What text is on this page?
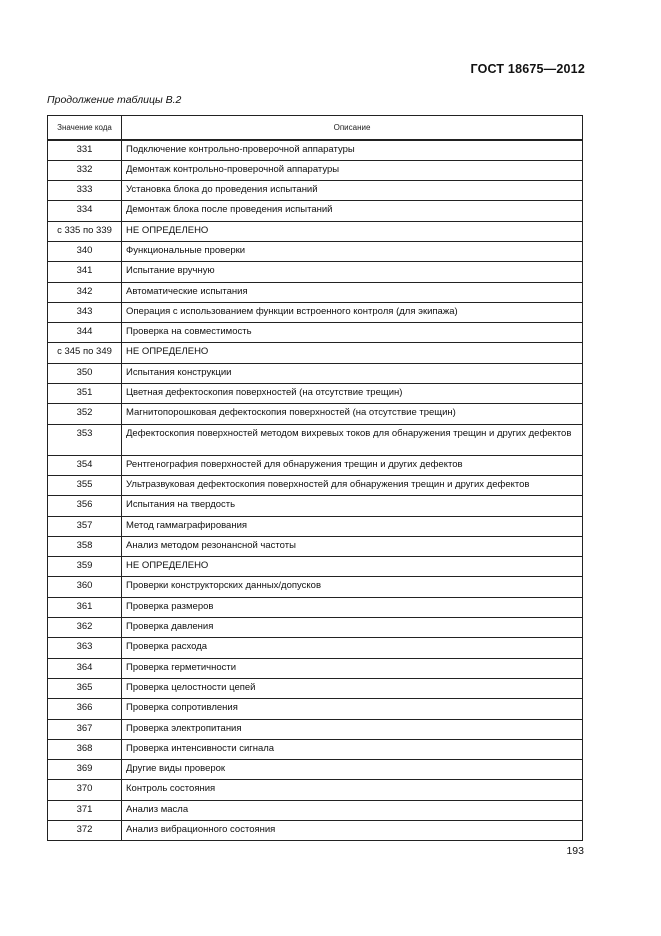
ГОСТ 18675—2012
Продолжение таблицы В.2
Значение кода	Описание
331	Подключение контрольно-проверочной аппаратуры
332	Демонтаж контрольно-проверочной аппаратуры
333	Установка блока до проведения испытаний
334	Демонтаж блока после проведения испытаний
с 335 по 339	НЕ ОПРЕДЕЛЕНО
340	Функциональные проверки
341	Испытание вручную
342	Автоматические испытания
343	Операция с использованием функции встроенного контроля (для экипажа)
344	Проверка на совместимость
с 345 по 349	НЕ ОПРЕДЕЛЕНО
350	Испытания конструкции
351	Цветная дефектоскопия поверхностей (на отсутствие трещин)
352	Магнитопорошковая дефектоскопия поверхностей (на отсутствие трещин)
353	Дефектоскопия поверхностей методом вихревых токов для обнаружения трещин и других дефектов
354	Рентгенография поверхностей для обнаружения трещин и других дефектов
355	Ультразвуковая дефектоскопия поверхностей для обнаружения трещин и других дефектов
356	Испытания на твердость
357	Метод гаммаграфирования
358	Анализ методом резонансной частоты
359	НЕ ОПРЕДЕЛЕНО
360	Проверки конструкторских данных/допусков
361	Проверка размеров
362	Проверка давления
363	Проверка расхода
364	Проверка герметичности
365	Проверка целостности цепей
366	Проверка сопротивления
367	Проверка электропитания
368	Проверка интенсивности сигнала
369	Другие виды проверок
370	Контроль состояния
371	Анализ масла
372	Анализ вибрационного состояния
193
